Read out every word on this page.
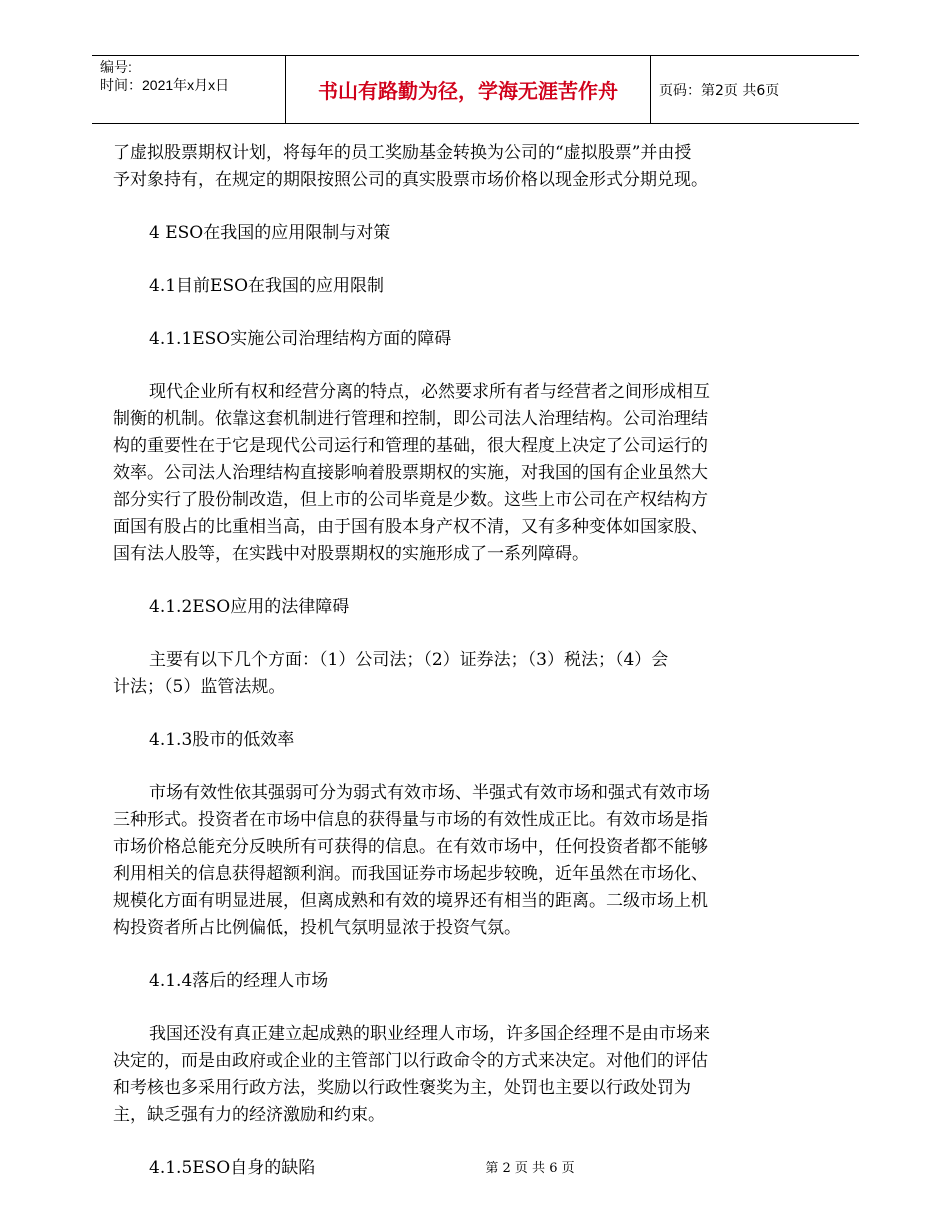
编号:
时间：2021年x月x日	书山有路勤为径，学海无涯苦作舟	页码：第2页 共6页
了虚拟股票期权计划，将每年的员工奖励基金转换为公司的“虚拟股票”并由授
予对象持有，在规定的期限按照公司的真实股票市场价格以现金形式分期兑现。
4 ESO在我国的应用限制与对策
4.1目前ESO在我国的应用限制
4.1.1ESO实施公司治理结构方面的障碍
现代企业所有权和经营分离的特点，必然要求所有者与经营者之间形成相互
制衡的机制。依靠这套机制进行管理和控制，即公司法人治理结构。公司治理结
构的重要性在于它是现代公司运行和管理的基础，很大程度上决定了公司运行的
效率。公司法人治理结构直接影响着股票期权的实施，对我国的国有企业虽然大
部分实行了股份制改造，但上市的公司毕竟是少数。这些上市公司在产权结构方
面国有股占的比重相当高，由于国有股本身产权不清，又有多种变体如国家股、
国有法人股等，在实践中对股票期权的实施形成了一系列障碍。
4.1.2ESO应用的法律障碍
主要有以下几个方面：（1）公司法；（2）证券法；（3）税法；（4）会
计法；（5）监管法规。
4.1.3股市的低效率
市场有效性依其强弱可分为弱式有效市场、半强式有效市场和强式有效市场
三种形式。投资者在市场中信息的获得量与市场的有效性成正比。有效市场是指
市场价格总能充分反映所有可获得的信息。在有效市场中，任何投资者都不能够
利用相关的信息获得超额利润。而我国证券市场起步较晚，近年虽然在市场化、
规模化方面有明显进展，但离成熟和有效的境界还有相当的距离。二级市场上机
构投资者所占比例偏低，投机气氛明显浓于投资气氛。
4.1.4落后的经理人市场
我国还没有真正建立起成熟的职业经理人市场，许多国企经理不是由市场来
决定的，而是由政府或企业的主管部门以行政命令的方式来决定。对他们的评估
和考核也多采用行政方法，奖励以行政性褒奖为主，处罚也主要以行政处罚为
主，缺乏强有力的经济激励和约束。
4.1.5ESO自身的缺陷	第 2 页 共 6 页
